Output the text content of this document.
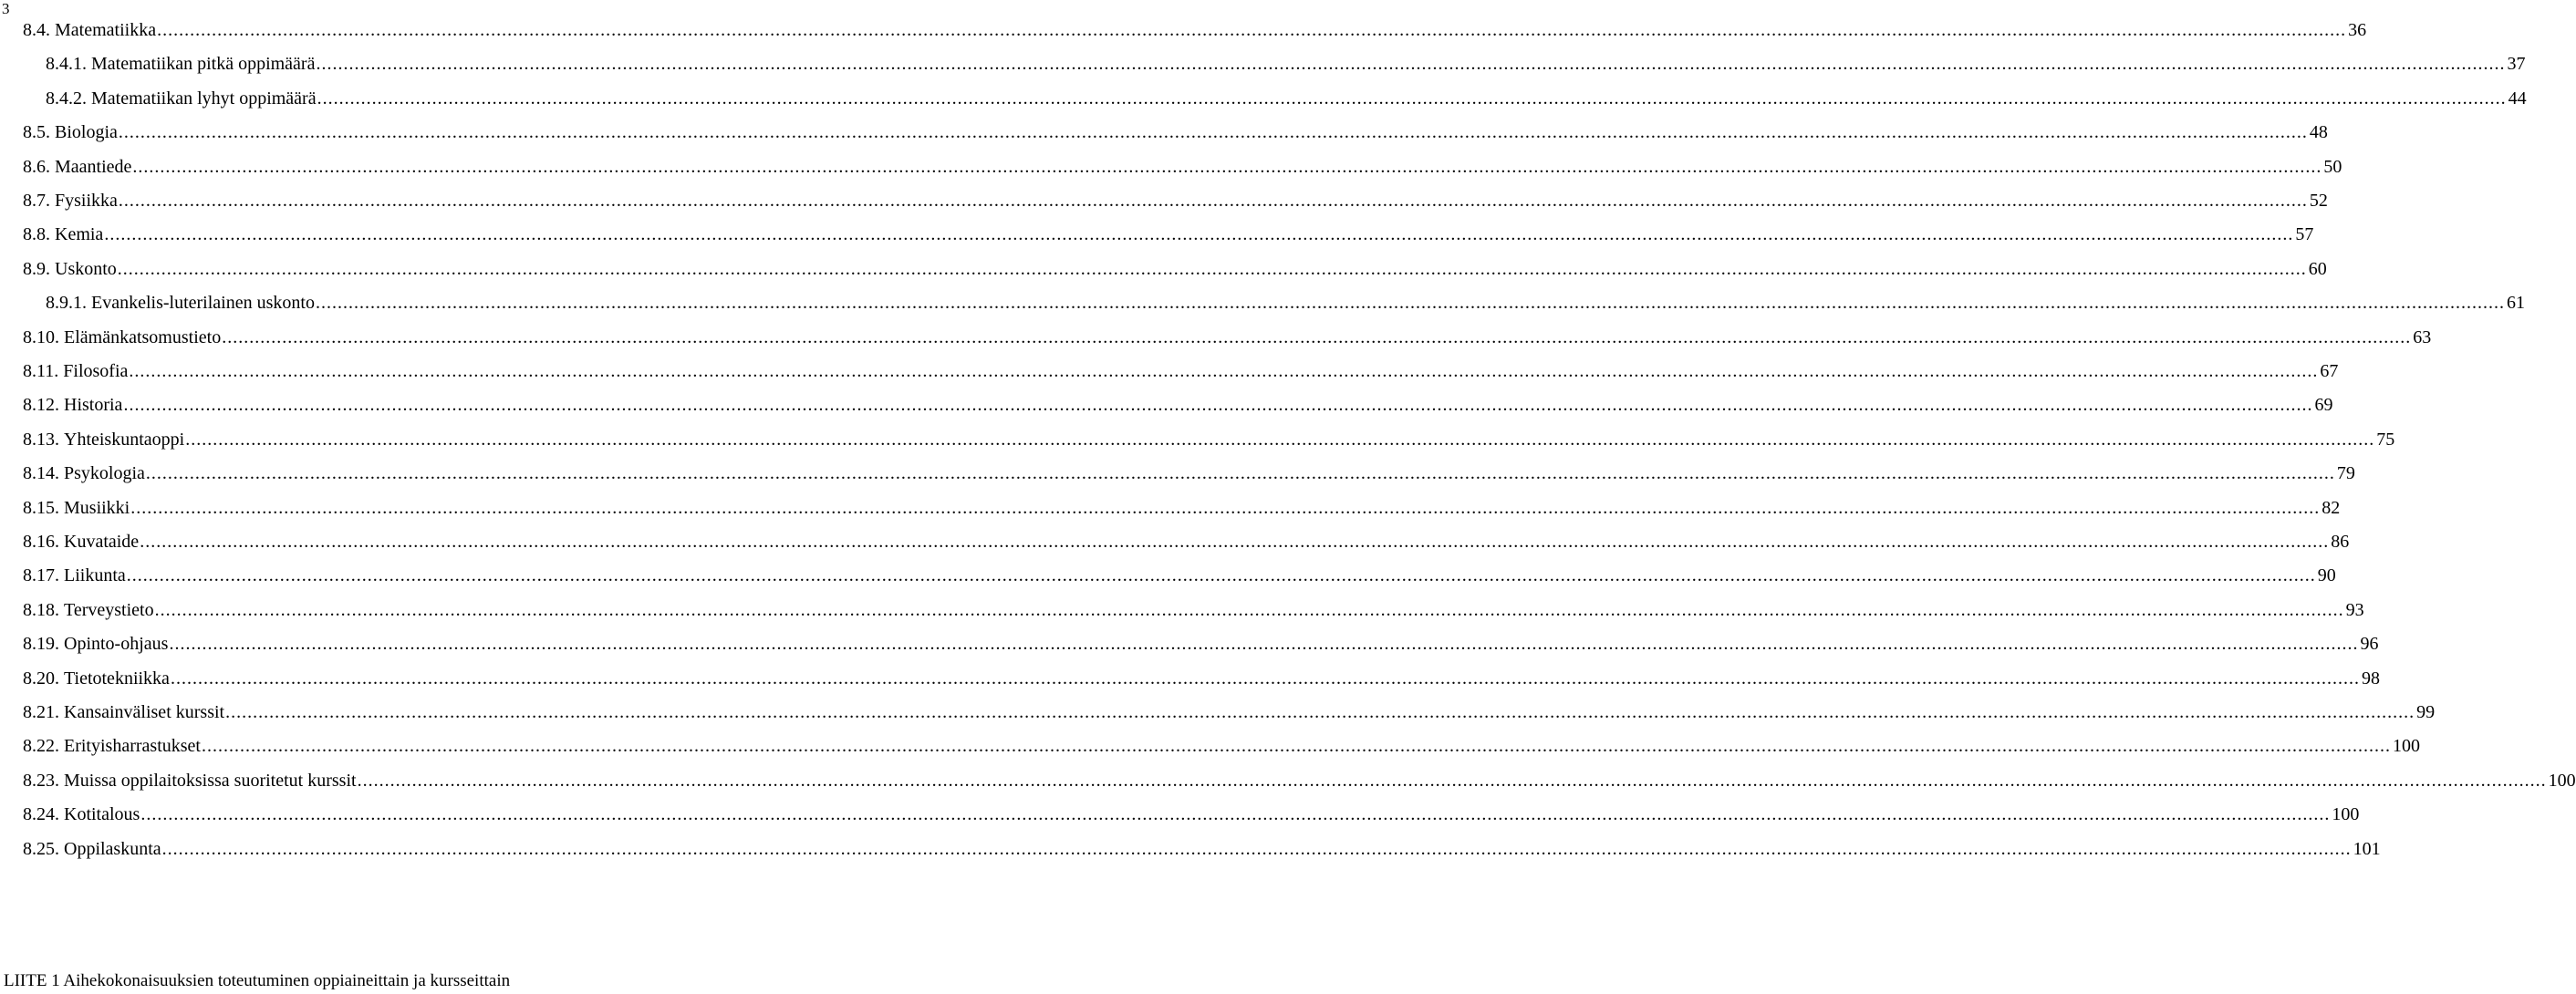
3
8.4. Matematiikka ................................................................................................................................................................................................................................................................................................................................................................................................................ 36
8.4.1. Matematiikan pitkä oppimäärä ................................................................................................................................................................................................................................................................................................................................................................................................................ 37
8.4.2. Matematiikan lyhyt oppimäärä ................................................................................................................................................................................................................................................................................................................................................................................................................ 44
8.5. Biologia ................................................................................................................................................................................................................................................................................................................................................................................................................ 48
8.6. Maantiede ................................................................................................................................................................................................................................................................................................................................................................................................................ 50
8.7. Fysiikka ................................................................................................................................................................................................................................................................................................................................................................................................................ 52
8.8. Kemia ................................................................................................................................................................................................................................................................................................................................................................................................................ 57
8.9. Uskonto ................................................................................................................................................................................................................................................................................................................................................................................................................ 60
8.9.1. Evankelis-luterilainen uskonto ................................................................................................................................................................................................................................................................................................................................................................................................................ 61
8.10. Elämänkatsomustieto ................................................................................................................................................................................................................................................................................................................................................................................................................ 63
8.11. Filosofia ................................................................................................................................................................................................................................................................................................................................................................................................................ 67
8.12. Historia ................................................................................................................................................................................................................................................................................................................................................................................................................ 69
8.13. Yhteiskuntaoppi ................................................................................................................................................................................................................................................................................................................................................................................................................ 75
8.14. Psykologia ................................................................................................................................................................................................................................................................................................................................................................................................................ 79
8.15. Musiikki ................................................................................................................................................................................................................................................................................................................................................................................................................ 82
8.16. Kuvataide ................................................................................................................................................................................................................................................................................................................................................................................................................ 86
8.17. Liikunta ................................................................................................................................................................................................................................................................................................................................................................................................................ 90
8.18. Terveystieto ................................................................................................................................................................................................................................................................................................................................................................................................................ 93
8.19. Opinto-ohjaus ................................................................................................................................................................................................................................................................................................................................................................................................................ 96
8.20. Tietotekniikka ................................................................................................................................................................................................................................................................................................................................................................................................................ 98
8.21. Kansainväliset kurssit ................................................................................................................................................................................................................................................................................................................................................................................................................ 99
8.22. Erityisharrastukset ................................................................................................................................................................................................................................................................................................................................................................................................................ 100
8.23. Muissa oppilaitoksissa suoritetut kurssit ................................................................................................................................................................................................................................................................................................................................................................................................................ 100
8.24. Kotitalous ................................................................................................................................................................................................................................................................................................................................................................................................................ 100
8.25. Oppilaskunta ................................................................................................................................................................................................................................................................................................................................................................................................................ 101
LIITE 1 Aihekokonaisuuksien toteutuminen oppiaineittain ja kursseittain
